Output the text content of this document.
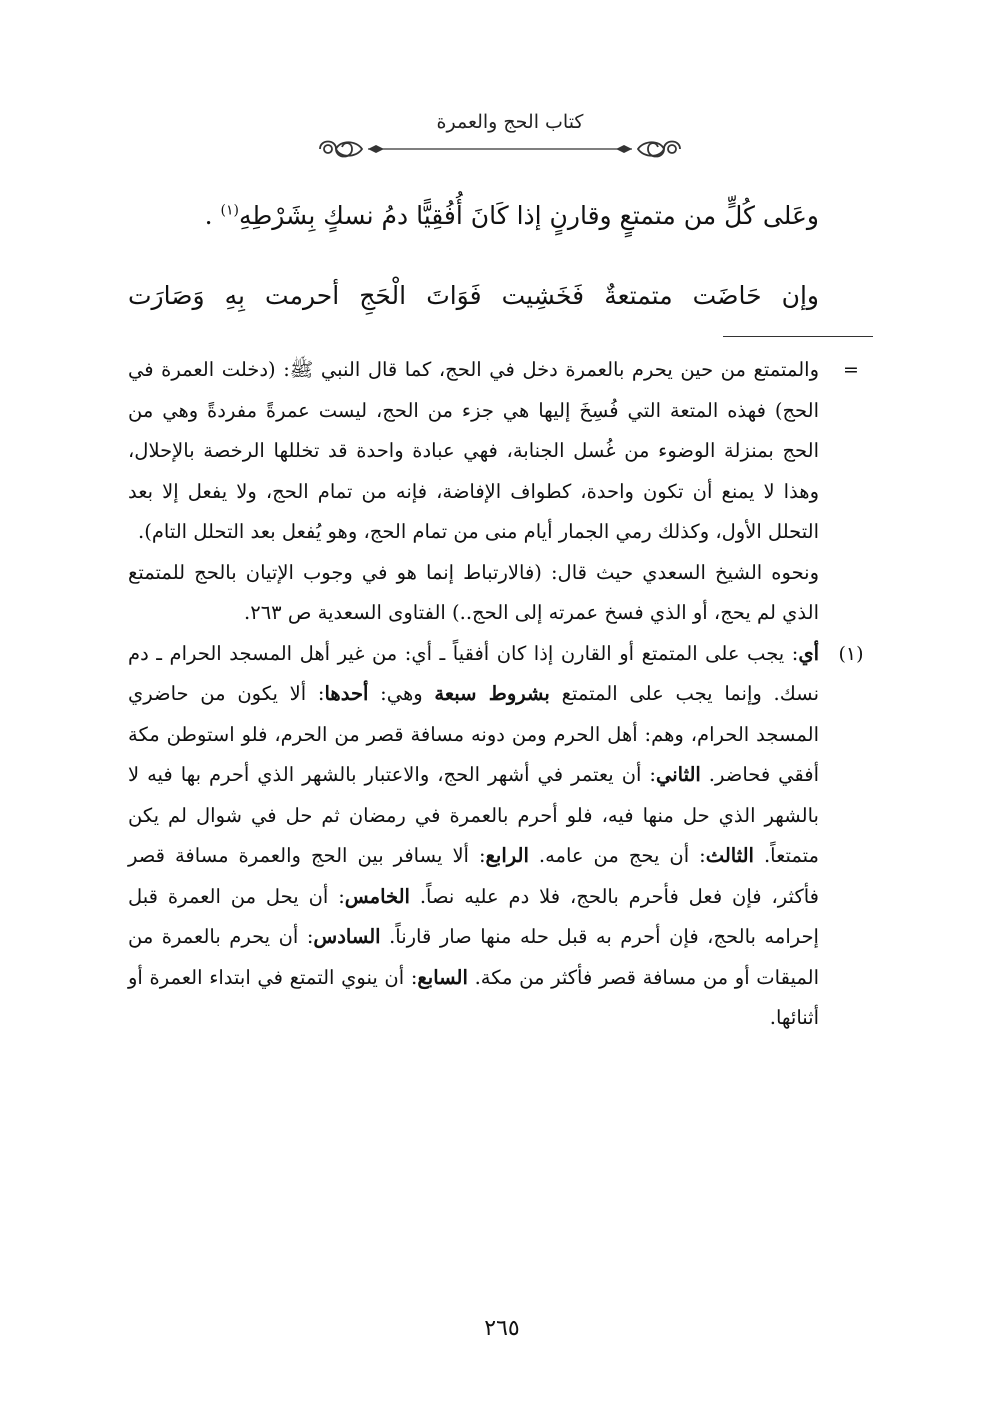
كتاب الحج والعمرة
وعَلى كُلٍّ من متمتعٍ وقارنٍ إذا كَانَ أُفُقِيًّا دمُ نسكٍ بِشَرْطِهِ$^{(١)}$ .
وإن حَاضَت متمتعةٌ فَخَشِيت فَوَاتَ الْحَجِ أحرمت بِهِ وَصَارَت
=

والمتمتع من حين يحرم بالعمرة دخل في الحج، كما قال النبي ﷺ: (دخلت العمرة في الحج) فهذه المتعة التي فُسِخَ إليها هي جزء من الحج، ليست عمرةً مفردةً وهي من الحج بمنزلة الوضوء من غُسل الجنابة، فهي عبادة واحدة قد تخللها الرخصة بالإحلال، وهذا لا يمنع أن تكون واحدة، كطواف الإفاضة، فإنه من تمام الحج، ولا يفعل إلا بعد التحلل الأول، وكذلك رمي الجمار أيام منى من تمام الحج، وهو يُفعل بعد التحلل التام).

ونحوه الشيخ السعدي حيث قال: (فالارتباط إنما هو في وجوب الإتيان بالحج للمتمتع الذي لم يحج، أو الذي فسخ عمرته إلى الحج..) الفتاوى السعدية ص ٢٦٣.

(١)

أي: يجب على المتمتع أو القارن إذا كان أفقياً ـ أي: من غير أهل المسجد الحرام ـ دم نسك. وإنما يجب على المتمتع بشروط سبعة وهي: أحدها: ألا يكون من حاضري المسجد الحرام، وهم: أهل الحرم ومن دونه مسافة قصر من الحرم، فلو استوطن مكة أفقي فحاضر. الثاني: أن يعتمر في أشهر الحج، والاعتبار بالشهر الذي أحرم بها فيه لا بالشهر الذي حل منها فيه، فلو أحرم بالعمرة في رمضان ثم حل في شوال لم يكن متمتعاً. الثالث: أن يحج من عامه. الرابع: ألا يسافر بين الحج والعمرة مسافة قصر فأكثر، فإن فعل فأحرم بالحج، فلا دم عليه نصاً. الخامس: أن يحل من العمرة قبل إحرامه بالحج، فإن أحرم به قبل حله منها صار قارناً. السادس: أن يحرم بالعمرة من الميقات أو من مسافة قصر فأكثر من مكة. السابع: أن ينوي التمتع في ابتداء العمرة أو أثنائها.

٢٦٥
